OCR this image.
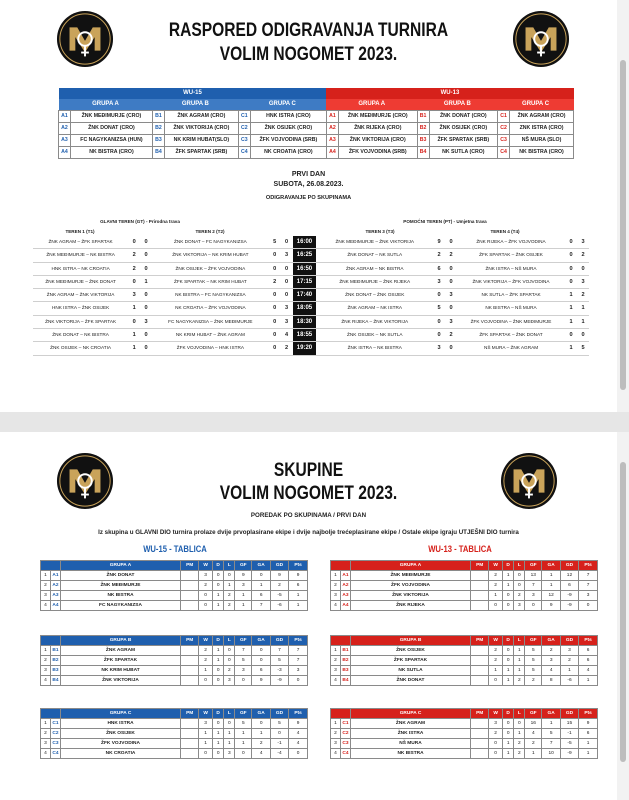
RASPORED ODIGRAVANJA TURNIRA
VOLIM NOGOMET 2023.
WU-15						WU-13					
GRUPA A		GRUPA B		GRUPA C		GRUPA A		GRUPA B		GRUPA C	
A1	ŽNK MEĐIMURJE (CRO)	B1	ŽNK AGRAM (CRO)	C1	HNK ISTRA (CRO)	A1	ŽNK MEĐIMURJE (CRO)	B1	ŽNK DONAT (CRO)	C1	ŽNK AGRAM (CRO)
A2	ŽNK DONAT (CRO)	B2	ŽNK VIKTORIJA (CRO)	C2	ŽNK OSIJEK (CRO)	A2	ŽNK RIJEKA (CRO)	B2	ŽNK OSIJEK (CRO)	C2	ZNK ISTRA (CRO)
A3	FC NAGYKANIZSA (HUN)	B3	NK KRIM HUBAT(SLO)	C3	ŽFK VOJVODINA (SRB)	A3	ŽNK VIKTORIJA (CRO)	B3	ŽFK SPARTAK (SRB)	C3	NŠ MURA (SLO)
A4	NK BISTRA (CRO)	B4	ŽFK SPARTAK (SRB)	C4	NK CROATIA (CRO)	A4	ŽFK VOJVODINA (SRB)	B4	NK SUTLA (CRO)	C4	NK BISTRA (CRO)
PRVI DAN
SUBOTA, 26.08.2023.
ODIGRAVANJE PO SKUPINAMA
GLAVNI TEREN (GT) - Prirodna trava	POMOĆNI TEREN (PT) - Umjetna trava
TEREN 1 (T1)	TEREN 2 (T2)	TEREN 3 (T3)	TEREN 4 (T4)
ŽNK AGRAM – ŽFK SPARTAK	0	0	ŽNK DONAT – FC NAGYKANIZSA	5	0	16:00	ŽNK MEĐIMURJE – ŽNK VIKTORIJA	9	0	ŽNK RIJEKA – ŽFK VOJVODINA	0	3
ŽNK MEĐIMURJE – NK BISTRA	2	0	ŽNK VIKTORIJA – NK KRIM HUBAT	0	3	16:25	ŽNK DONAT – NK SUTLA	2	2	ŽFK SPARTAK – ŽNK OSIJEK	0	2
HNK ISTRA – NK CROATIA	2	0	ŽNK OSIJEK – ŽFK VOJVODINA	0	0	16:50	ŽNK AGRAM – NK BISTRA	6	0	ŽNK ISTRA – NŠ MURA	0	0
ŽNK MEĐIMURJE – ŽNK DONAT	0	1	ŽFK SPARTAK – NK KRIM HUBAT	2	0	17:15	ŽNK MEĐIMURJE – ŽNK RIJEKA	3	0	ŽNK VIKTORIJA – ŽFK VOJVODINA	0	3
ŽNK AGRAM – ŽNK VIKTORIJA	3	0	NK BISTRA – FC NAGYKANIZSA	0	0	17:40	ŽNK DONAT – ŽNK OSIJEK	0	3	NK SUTLA – ŽFK SPARTAK	1	2
HNK ISTRA – ŽNK OSIJEK	1	0	NK CROATIA – ŽFK VOJVODINA	0	3	18:05	ŽNK AGRAM – NK ISTRA	5	0	NK BISTRA – NŠ MURA	1	1
ŽNK VIKTORIJA – ŽFK SPARTAK	0	3	FC NAGYKANIZSA – ŽNK MEĐIMURJE	0	3	18:30	ŽNK RIJEKA – ŽNK VIKTORIJA	0	3	ŽFK VOJVODINA – ŽNK MEĐIMURJE	1	1
ŽNK DONAT – NK BISTRA	1	0	NK KRIM HUBAT – ŽNK AGRAM	0	4	18:55	ŽNK OSIJEK – NK SUTLA	0	2	ŽFK SPARTAK – ŽNK DONAT	0	0
ŽNK OSIJEK – NK CROATIA	1	0	ŽFK VOJVODINA – HNK ISTRA	0	2	19:20	ŽNK ISTRA – NK BISTRA	3	0	NŠ MURA – ŽNK AGRAM	1	5
SKUPINE
VOLIM NOGOMET 2023.
POREDAK PO SKUPINAMA / PRVI DAN
Iz skupina u GLAVNI DIO turnira prolaze dvije prvoplasirane ekipe i dvije najbolje trećeplasirane ekipe / Ostale ekipe igraju UTJEŠNI DIO turnira
WU-15 - TABLICA	WU-13 - TABLICA
		GRUPA A	PM	W	D	L	GF	GA	GD	Pts
1	A1	ŽNK DONAT		3	0	0	9	0	9	9
2	A2	ŽNK MEĐIMURJE		2	0	1	3	1	2	6
3	A3	NK BISTRA		0	1	2	1	6	-5	1
4	A4	FC NAGYKANIZSA		0	1	2	1	7	-6	1
		GRUPA B	PM	W	D	L	GF	GA	GD	Pts
1	B1	ŽNK AGRAM		2	1	0	7	0	7	7
2	B2	ŽFK SPARTAK		2	1	0	5	0	5	7
3	B3	NK KRIM HUBAT		1	0	2	3	6	-3	3
4	B4	ŽNK VIKTORIJA		0	0	3	0	9	-9	0
		GRUPA C	PM	W	D	L	GF	GA	GD	Pts
1	C1	HNK ISTRA		3	0	0	5	0	5	9
2	C2	ŽNK OSIJEK		1	1	1	1	1	0	4
3	C3	ŽFK VOJVODINA		1	1	1	1	2	-1	4
4	C4	NK CROATIA		0	0	3	0	4	-4	0
		GRUPA A	PM	W	D	L	GF	GA	GD	Pts
1	A1	ŽNK MEĐIMURJE		2	1	0	13	1	12	7
2	A2	ŽFK VOJVODINA		2	1	0	7	1	6	7
3	A3	ŽNK VIKTORIJA		1	0	2	3	12	-9	3
4	A4	ŽNK RIJEKA		0	0	3	0	9	-9	0
		GRUPA B	PM	W	D	L	GF	GA	GD	Pts
1	B1	ŽNK OSIJEK		2	0	1	5	2	3	6
2	B2	ŽFK SPARTAK		2	0	1	5	3	2	6
3	B3	NK SUTLA		1	1	1	5	4	1	4
4	B4	ŽNK DONAT		0	1	2	2	8	-6	1
		GRUPA C	PM	W	D	L	GF	GA	GD	Pts
1	C1	ŽNK AGRAM		3	0	0	16	1	15	9
2	C2	ŽNK ISTRA		2	0	1	4	5	-1	6
3	C3	NŠ MURA		0	1	2	2	7	-5	1
4	C4	NK BISTRA		0	1	2	1	10	-9	1
